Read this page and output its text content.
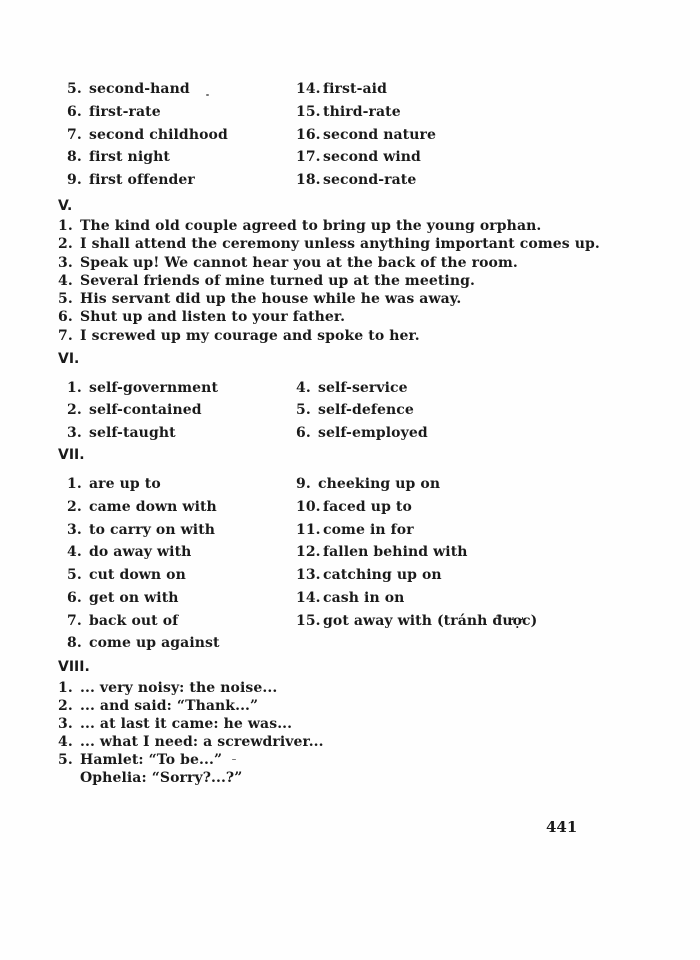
5. second-hand
6. first-rate
7. second childhood
8. first night
9. first offender
14. first-aid
15. third-rate
16. second nature
17. second wind
18. second-rate
V.
1. The kind old couple agreed to bring up the young orphan.
2. I shall attend the ceremony unless anything important comes up.
3. Speak up! We cannot hear you at the back of the room.
4. Several friends of mine turned up at the meeting.
5. His servant did up the house while he was away.
6. Shut up and listen to your father.
7. I screwed up my courage and spoke to her.
VI.
1. self-government
2. self-contained
3. self-taught
4. self-service
5. self-defence
6. self-employed
VII.
1. are up to
2. came down with
3. to carry on with
4. do away with
5. cut down on
6. get on with
7. back out of
8. come up against
9. cheeking up on
10. faced up to
11. come in for
12. fallen behind with
13. catching up on
14. cash in on
15. got away with (tránh được)
VIII.
1. ... very noisy: the noise...
2. ... and said: “Thank...”
3. ... at last it came: he was...
4. ... what I need: a screwdriver...
5. Hamlet: “To be...”
Ophelia: “Sorry?...?”
441
